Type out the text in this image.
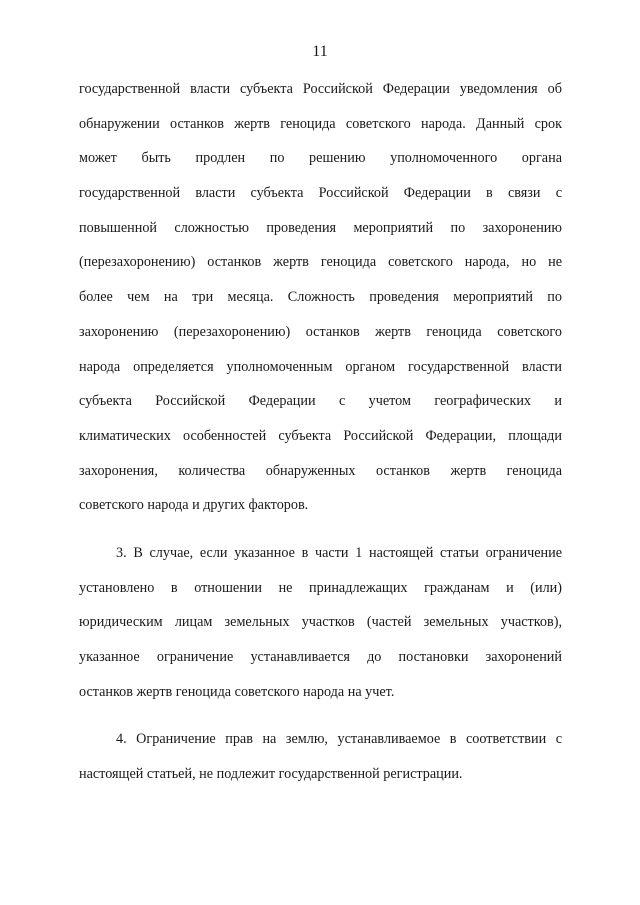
11
государственной власти субъекта Российской Федерации уведомления об
обнаружении останков жертв геноцида советского народа. Данный срок
может быть продлен по решению уполномоченного органа
государственной власти субъекта Российской Федерации в связи с
повышенной сложностью проведения мероприятий по захоронению
(перезахоронению) останков жертв геноцида советского народа, но не
более чем на три месяца. Сложность проведения мероприятий по
захоронению (перезахоронению) останков жертв геноцида советского
народа определяется уполномоченным органом государственной власти
субъекта Российской Федерации с учетом географических и
климатических особенностей субъекта Российской Федерации, площади
захоронения, количества обнаруженных останков жертв геноцида
советского народа и других факторов.
3. В случае, если указанное в части 1 настоящей статьи ограничение
установлено в отношении не принадлежащих гражданам и (или)
юридическим лицам земельных участков (частей земельных участков),
указанное ограничение устанавливается до постановки захоронений
останков жертв геноцида советского народа на учет.
4. Ограничение прав на землю, устанавливаемое в соответствии с
настоящей статьей, не подлежит государственной регистрации.
